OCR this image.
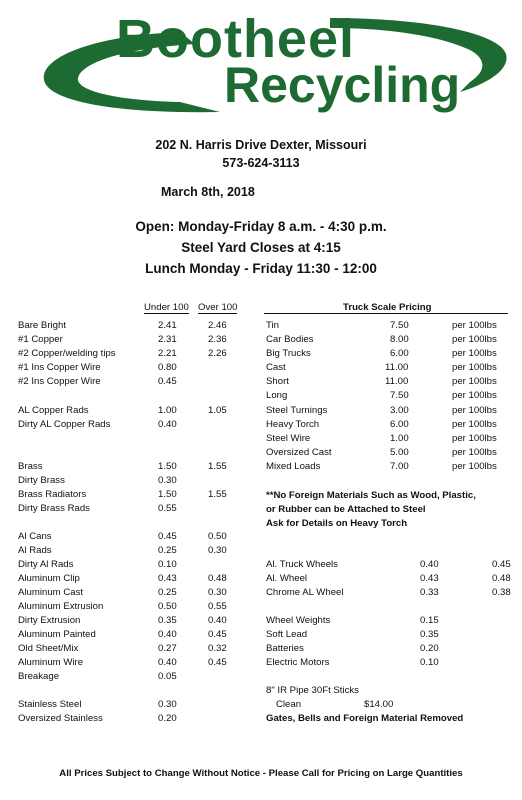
Bootheel
Recycling
202 N. Harris Drive Dexter, Missouri
573-624-3113
March 8th, 2018
Open: Monday-Friday 8 a.m. - 4:30 p.m.
Steel Yard Closes at 4:15
Lunch Monday - Friday 11:30 - 12:00
Under 100 Over 100	Truck Scale Pricing
Bare Bright	2.41	2.46
#1 Copper	2.31	2.36
#2 Copper/welding tips	2.21	2.26
#1 Ins Copper Wire	0.80
#2 Ins Copper Wire	0.45
AL Copper Rads	1.00	1.05
Dirty AL Copper Rads	0.40
Brass	1.50	1.55
Dirty Brass	0.30
Brass Radiators	1.50	1.55
Dirty Brass Rads	0.55
Al Cans	0.45	0.50
Al Rads	0.25	0.30
Dirty Al Rads	0.10
Aluminum Clip	0.43	0.48
Aluminum Cast	0.25	0.30
Aluminum Extrusion	0.50	0.55
Dirty Extrusion	0.35	0.40
Aluminum Painted	0.40	0.45
Old Sheet/Mix	0.27	0.32
Aluminum Wire	0.40	0.45
Breakage	0.05
Stainless Steel	0.30
Oversized Stainless	0.20
Tin	7.50	per 100lbs
Car Bodies	8.00	per 100lbs
Big Trucks	6.00	per 100lbs
Cast	11.00	per 100lbs
Short	11.00	per 100lbs
Long	7.50	per 100lbs
Steel Turnings	3.00	per 100lbs
Heavy Torch	6.00	per 100lbs
Steel Wire	1.00	per 100lbs
Oversized Cast	5.00	per 100lbs
Mixed Loads	7.00	per 100lbs
**No Foreign Materials Such as Wood, Plastic,
or Rubber can be Attached to Steel
Ask for Details on Heavy Torch
Al. Truck Wheels	0.40	0.45
Al. Wheel	0.43	0.48
Chrome AL Wheel	0.33	0.38
Wheel Weights	0.15
Soft Lead	0.35
Batteries	0.20
Electric Motors	0.10
8" IR Pipe 30Ft Sticks
Clean	$14.00
Gates, Bells and Foreign Material Removed
All Prices Subject to Change Without Notice - Please Call for Pricing on Large Quantities
